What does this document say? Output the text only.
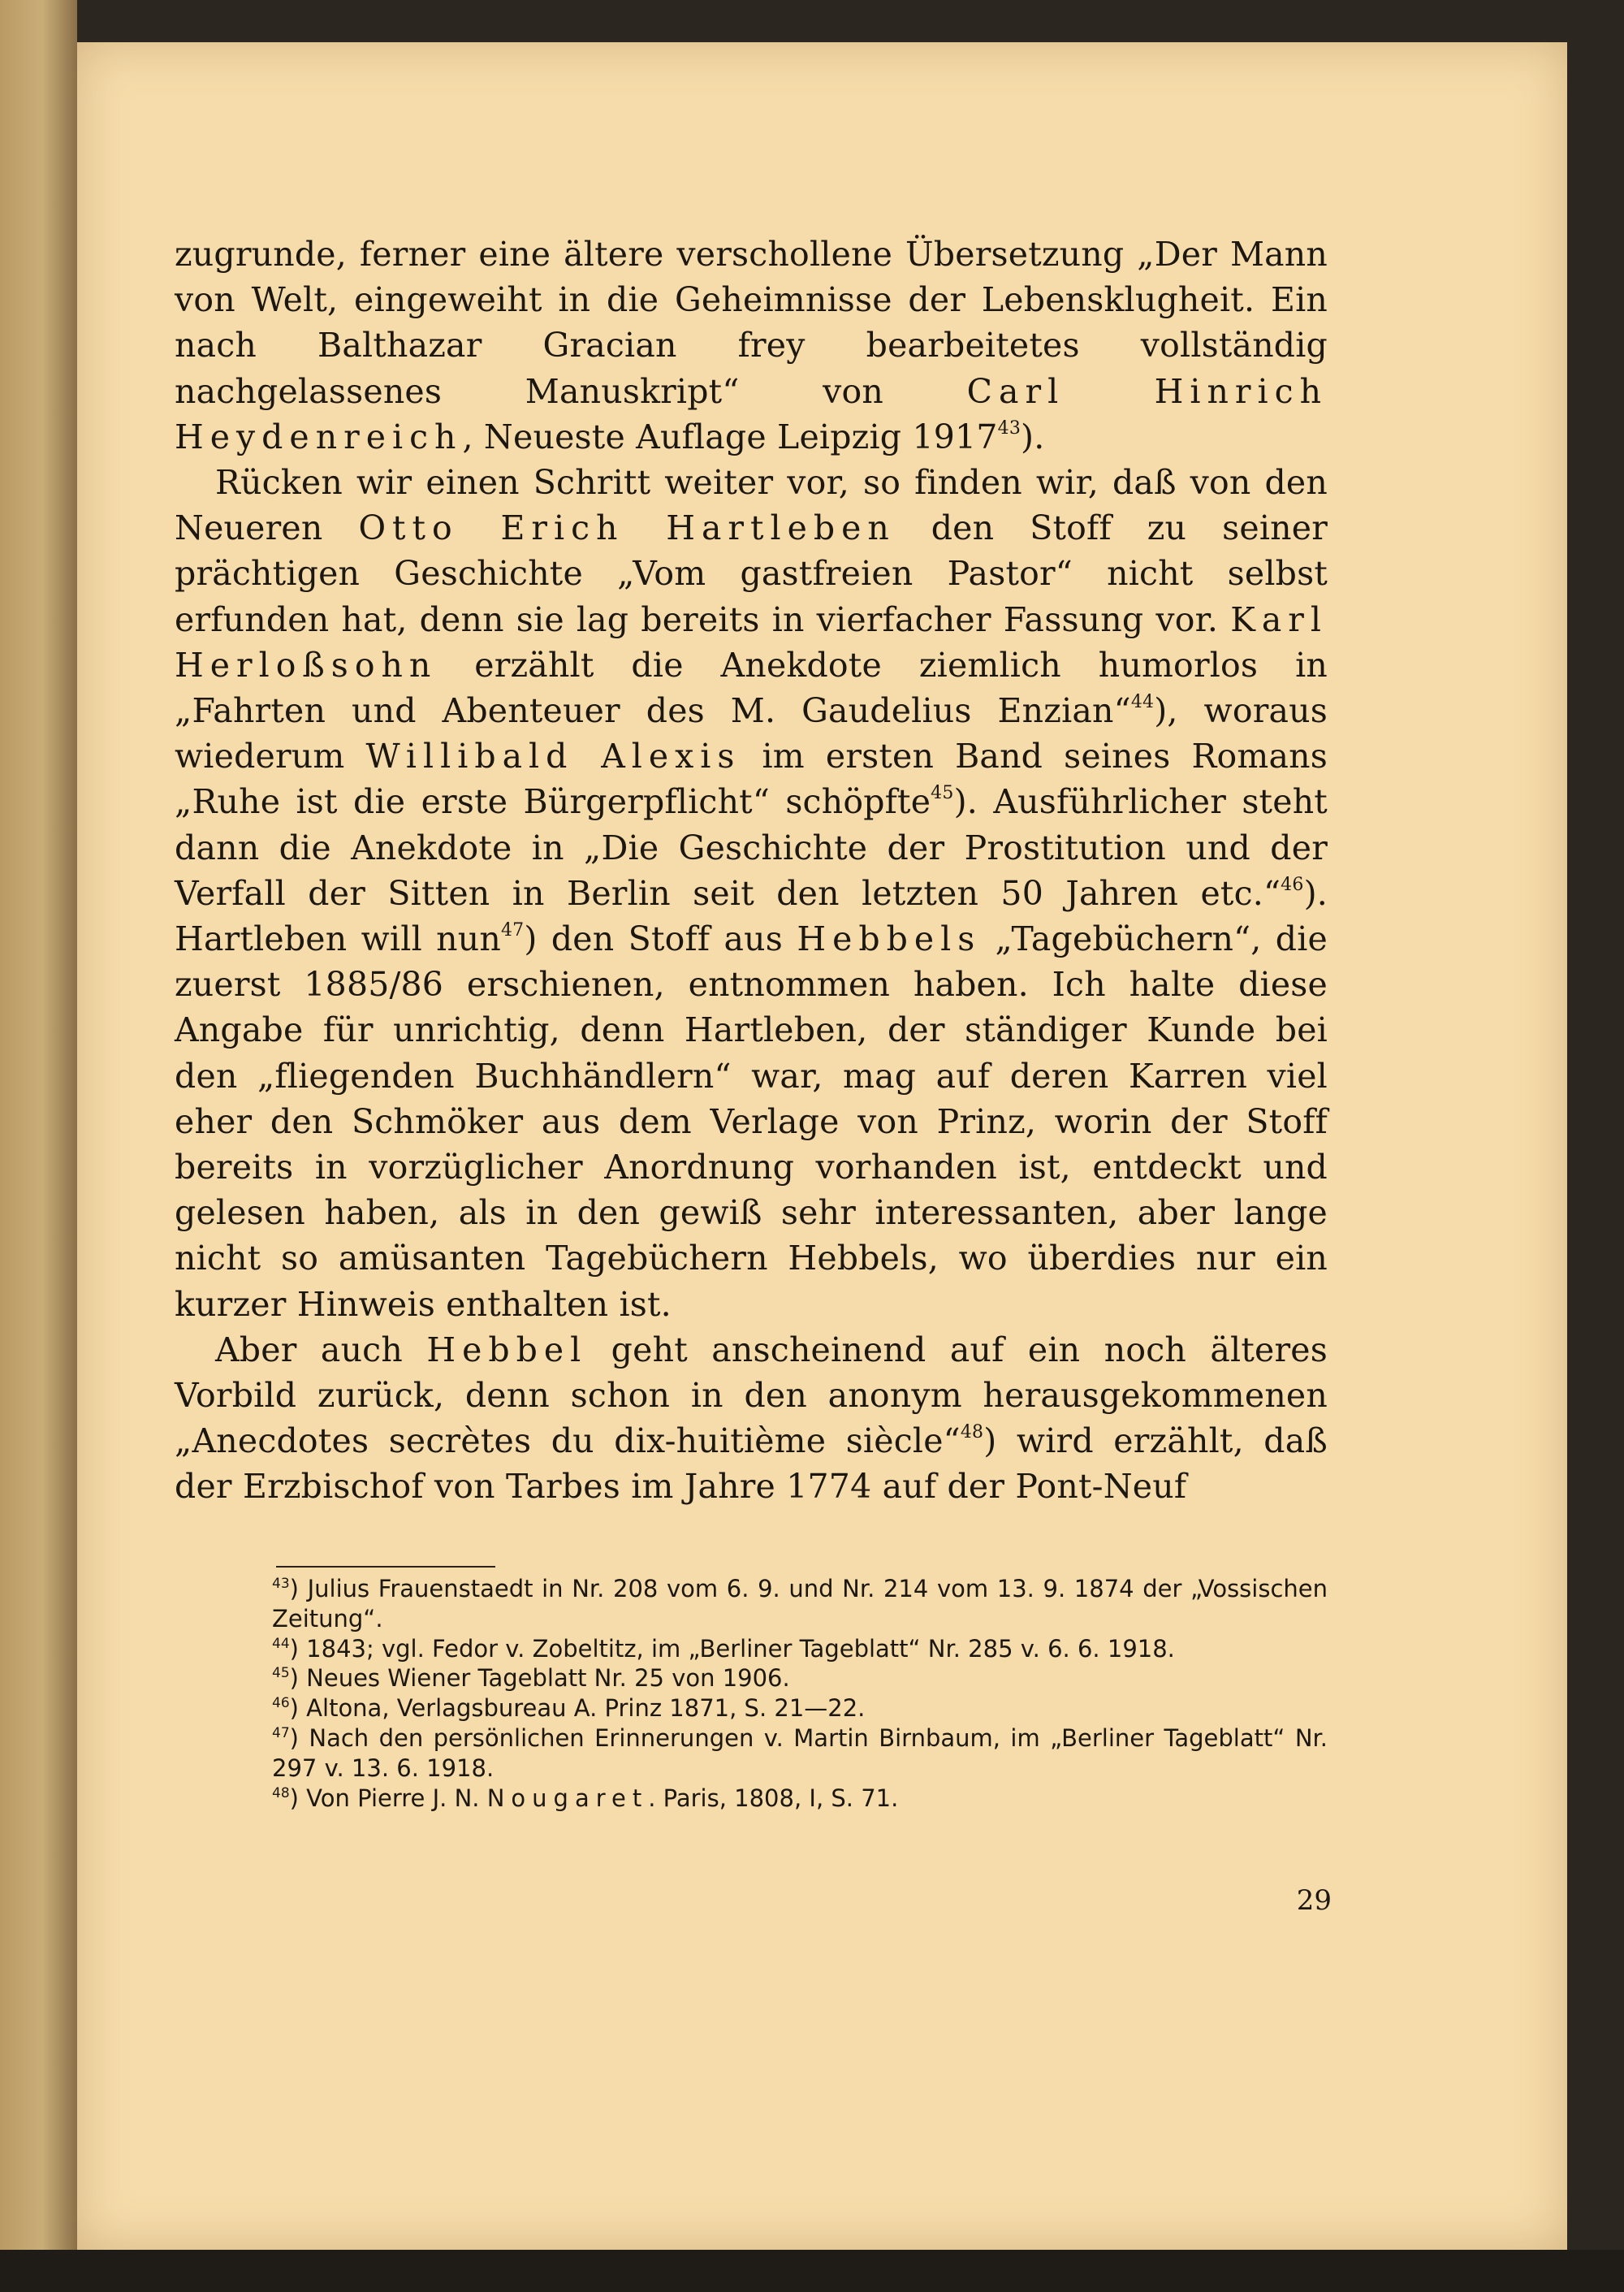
zugrunde, ferner eine ältere verschollene Übersetzung „Der Mann von Welt, eingeweiht in die Geheimnisse der Lebensklugheit. Ein nach Balthazar Gracian frey bearbeitetes vollständig nachgelassenes Manuskript“ von Carl Hinrich Heydenreich, Neueste Auflage Leipzig 1917$^{43}$).

Rücken wir einen Schritt weiter vor, so finden wir, daß von den Neueren Otto Erich Hartleben den Stoff zu seiner prächtigen Geschichte „Vom gastfreien Pastor“ nicht selbst erfunden hat, denn sie lag bereits in vierfacher Fassung vor. Karl Herloßsohn erzählt die Anekdote ziemlich humorlos in „Fahrten und Abenteuer des M. Gaudelius Enzian“$^{44}$), woraus wiederum Willibald Alexis im ersten Band seines Romans „Ruhe ist die erste Bürgerpflicht“ schöpfte$^{45}$). Ausführlicher steht dann die Anekdote in „Die Geschichte der Prostitution und der Verfall der Sitten in Berlin seit den letzten 50 Jahren etc.“$^{46}$). Hartleben will nun$^{47}$) den Stoff aus Hebbels „Tagebüchern“, die zuerst 1885/86 erschienen, entnommen haben. Ich halte diese Angabe für unrichtig, denn Hartleben, der ständiger Kunde bei den „fliegenden Buchhändlern“ war, mag auf deren Karren viel eher den Schmöker aus dem Verlage von Prinz, worin der Stoff bereits in vorzüglicher Anordnung vorhanden ist, entdeckt und gelesen haben, als in den gewiß sehr interessanten, aber lange nicht so amüsanten Tagebüchern Hebbels, wo überdies nur ein kurzer Hinweis enthalten ist.

Aber auch Hebbel geht anscheinend auf ein noch älteres Vorbild zurück, denn schon in den anonym herausgekommenen „Anecdotes secrètes du dix-huitième siècle“$^{48}$) wird erzählt, daß der Erzbischof von Tarbes im Jahre 1774 auf der Pont-Neuf

$^{43}$) Julius Frauenstaedt in Nr. 208 vom 6. 9. und Nr. 214 vom 13. 9. 1874 der „Vossischen Zeitung“.

$^{44}$) 1843; vgl. Fedor v. Zobeltitz, im „Berliner Tageblatt“ Nr. 285 v. 6. 6. 1918.

$^{45}$) Neues Wiener Tageblatt Nr. 25 von 1906.

$^{46}$) Altona, Verlagsbureau A. Prinz 1871, S. 21—22.

$^{47}$) Nach den persönlichen Erinnerungen v. Martin Birnbaum, im „Berliner Tageblatt“ Nr. 297 v. 13. 6. 1918.

$^{48}$) Von Pierre J. N. Nougaret. Paris, 1808, I, S. 71.

29
